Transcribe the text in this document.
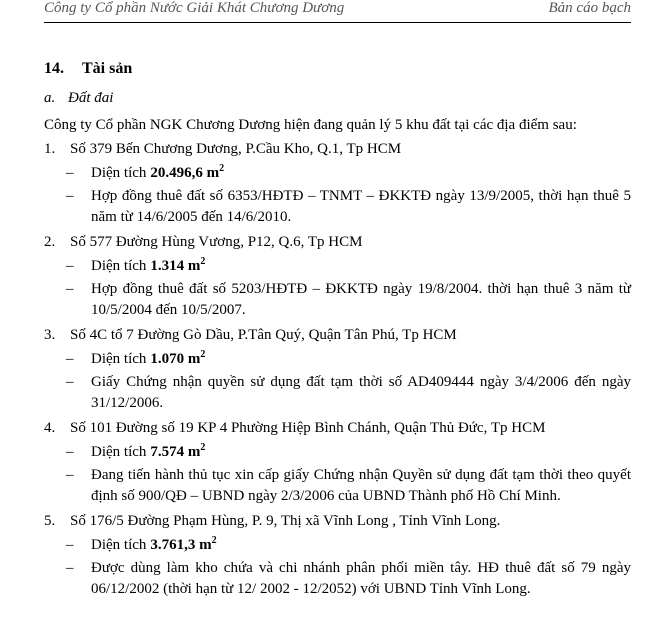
Công ty Cổ phần Nước Giải Khát Chương Dương	Bản cáo bạch
14. Tài sản
a. Đất đai
Công ty Cổ phần NGK Chương Dương hiện đang quản lý 5 khu đất tại các địa điểm sau:
1. Số 379 Bến Chương Dương, P.Cầu Kho, Q.1, Tp HCM
– Diện tích 20.496,6 $m^2$
– Hợp đồng thuê đất số 6353/HĐTĐ – TNMT – ĐKKTĐ ngày 13/9/2005, thời hạn thuê 5 năm từ 14/6/2005 đến 14/6/2010.
2. Số 577 Đường Hùng Vương, P12, Q.6, Tp HCM
– Diện tích 1.314 $m^2$
– Hợp đồng thuê đất số 5203/HĐTĐ – ĐKKTĐ ngày 19/8/2004. thời hạn thuê 3 năm từ 10/5/2004 đến 10/5/2007.
3. Số 4C tổ 7 Đường Gò Dầu, P.Tân Quý, Quận Tân Phú, Tp HCM
– Diện tích 1.070 $m^2$
– Giấy Chứng nhận quyền sử dụng đất tạm thời số AD409444 ngày 3/4/2006 đến ngày 31/12/2006.
4. Số 101 Đường số 19 KP 4 Phường Hiệp Bình Chánh, Quận Thủ Đức, Tp HCM
– Diện tích 7.574 $m^2$
– Đang tiến hành thủ tục xin cấp giấy Chứng nhận Quyền sử dụng đất tạm thời theo quyết định số 900/QĐ – UBND ngày 2/3/2006 của UBND Thành phố Hồ Chí Minh.
5. Số 176/5 Đường Phạm Hùng, P. 9, Thị xã Vĩnh Long , Tỉnh Vĩnh Long.
– Diện tích 3.761,3 $m^2$
– Được dùng làm kho chứa và chi nhánh phân phối miền tây. HĐ thuê đất số 79 ngày 06/12/2002 (thời hạn từ 12/ 2002 - 12/2052) với UBND Tỉnh Vĩnh Long.
